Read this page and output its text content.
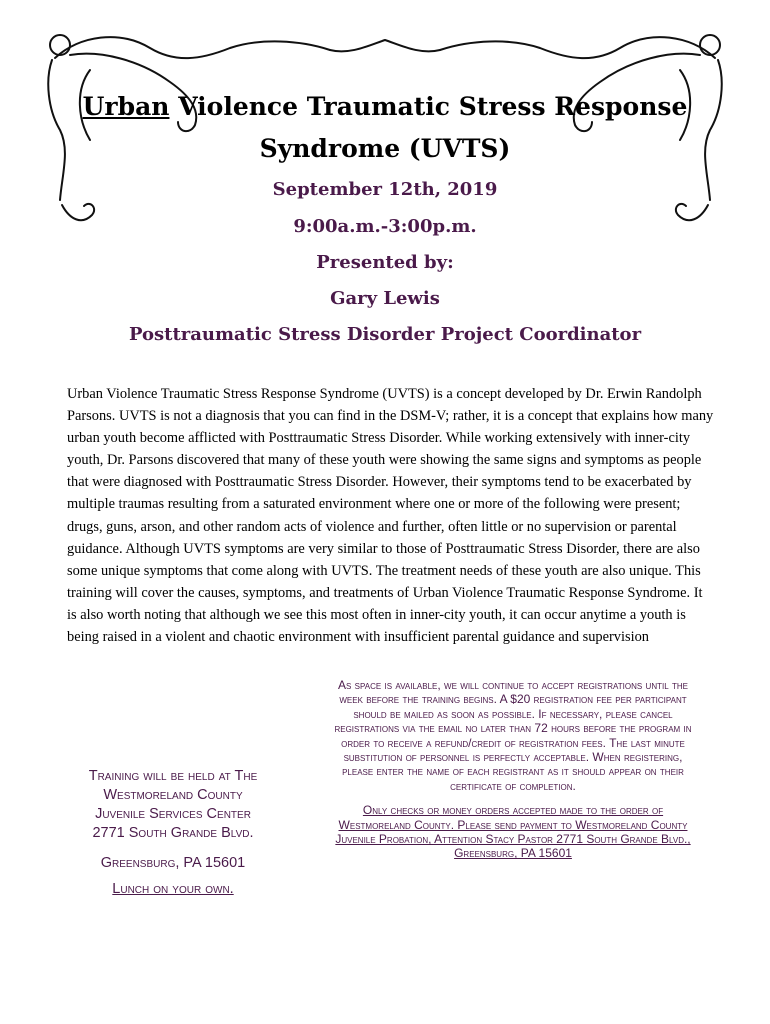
Urban Violence Traumatic Stress Response
Syndrome (UVTS)
September 12th, 2019
9:00a.m.-3:00p.m.
Presented by:
Gary Lewis
Posttraumatic Stress Disorder Project Coordinator
Urban Violence Traumatic Stress Response Syndrome (UVTS) is a concept developed by Dr. Erwin Randolph Parsons. UVTS is not a diagnosis that you can find in the DSM-V; rather, it is a concept that explains how many urban youth become afflicted with Posttraumatic Stress Disorder. While working extensively with inner-city youth, Dr. Parsons discovered that many of these youth were showing the same signs and symptoms as people that were diagnosed with Posttraumatic Stress Disorder. However, their symptoms tend to be exacerbated by multiple traumas resulting from a saturated environment where one or more of the following were present; drugs, guns, arson, and other random acts of violence and further, often little or no supervision or parental guidance. Although UVTS symptoms are very similar to those of Posttraumatic Stress Disorder, there are also some unique symptoms that come along with UVTS. The treatment needs of these youth are also unique. This training will cover the causes, symptoms, and treatments of Urban Violence Traumatic Response Syndrome. It is also worth noting that although we see this most often in inner-city youth, it can occur anytime a youth is being raised in a violent and chaotic environment with insufficient parental guidance and supervision
Training will be held at The
Westmoreland County
Juvenile Services Center
2771 South Grande Blvd.
Greensburg, PA 15601
Lunch on your own.
As space is available, we will continue to accept registrations until the week before the training begins. A $20 registration fee per participant should be mailed as soon as possible. If necessary, please cancel registrations via the email no later than 72 hours before the program in order to receive a refund/credit of registration fees. The last minute substitution of personnel is perfectly acceptable. When registering, please enter the name of each registrant as it should appear on their certificate of completion.
Only checks or money orders accepted made to the order of Westmoreland County. Please send payment to Westmoreland County Juvenile Probation, Attention Stacy Pastor 2771 South Grande Blvd., Greensburg, PA 15601
